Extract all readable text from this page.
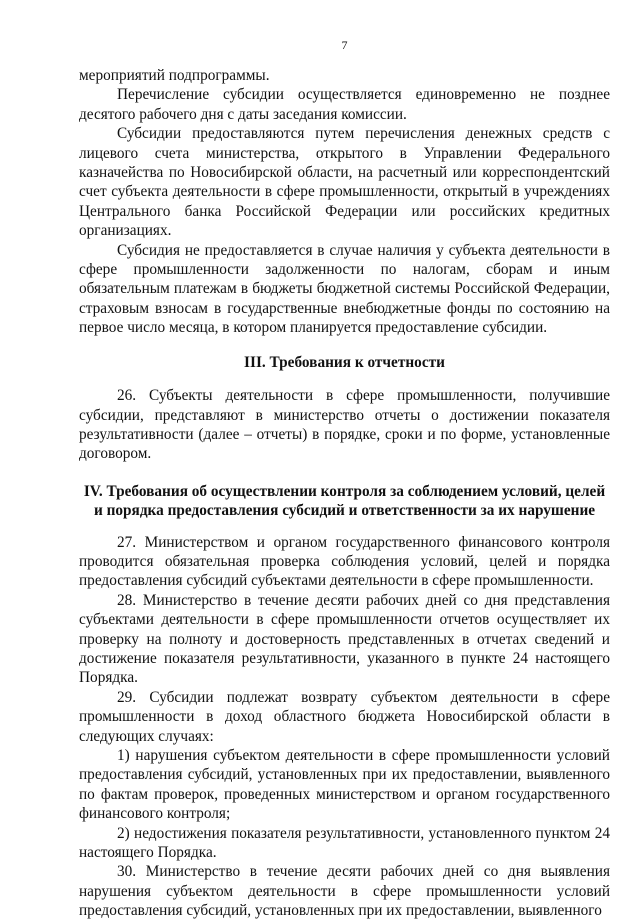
7

мероприятий подпрограммы.

Перечисление субсидии осуществляется единовременно не позднее десятого рабочего дня с даты заседания комиссии.

Субсидии предоставляются путем перечисления денежных средств с лицевого счета министерства, открытого в Управлении Федерального казначейства по Новосибирской области, на расчетный или корреспондентский счет субъекта деятельности в сфере промышленности, открытый в учреждениях Центрального банка Российской Федерации или российских кредитных организациях.

Субсидия не предоставляется в случае наличия у субъекта деятельности в сфере промышленности задолженности по налогам, сборам и иным обязательным платежам в бюджеты бюджетной системы Российской Федерации, страховым взносам в государственные внебюджетные фонды по состоянию на первое число месяца, в котором планируется предоставление субсидии.

III. Требования к отчетности

26. Субъекты деятельности в сфере промышленности, получившие субсидии, представляют в министерство отчеты о достижении показателя результативности (далее – отчеты) в порядке, сроки и по форме, установленные договором.

IV. Требования об осуществлении контроля за соблюдением условий, целей
и порядка предоставления субсидий и ответственности за их нарушение

27. Министерством и органом государственного финансового контроля проводится обязательная проверка соблюдения условий, целей и порядка предоставления субсидий субъектами деятельности в сфере промышленности.

28. Министерство в течение десяти рабочих дней со дня представления субъектами деятельности в сфере промышленности отчетов осуществляет их проверку на полноту и достоверность представленных в отчетах сведений и достижение показателя результативности, указанного в пункте 24 настоящего Порядка.

29. Субсидии подлежат возврату субъектом деятельности в сфере промышленности в доход областного бюджета Новосибирской области в следующих случаях:

1) нарушения субъектом деятельности в сфере промышленности условий предоставления субсидий, установленных при их предоставлении, выявленного по фактам проверок, проведенных министерством и органом государственного финансового контроля;

2) недостижения показателя результативности, установленного пунктом 24 настоящего Порядка.

30. Министерство в течение десяти рабочих дней со дня выявления нарушения субъектом деятельности в сфере промышленности условий предоставления субсидий, установленных при их предоставлении, выявленного
